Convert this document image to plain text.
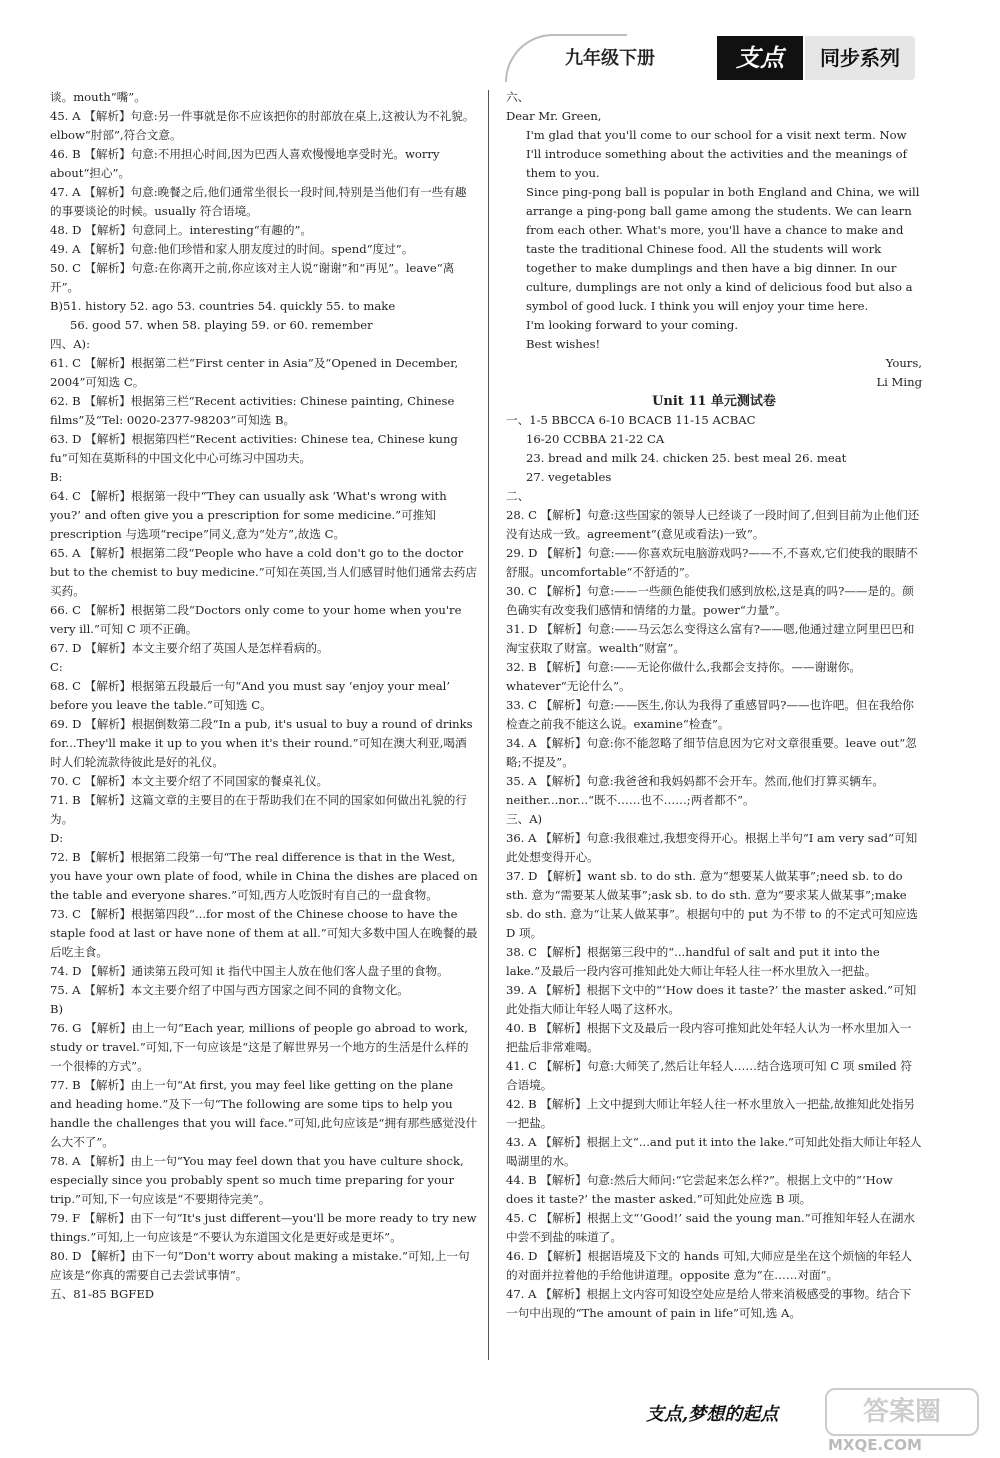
九年级下册	支点	同步系列

谈。mouth“嘴”。

45. A 【解析】句意:另一件事就是你不应该把你的肘部放在桌上,这被认为不礼貌。elbow“肘部”,符合文意。

46. B 【解析】句意:不用担心时间,因为巴西人喜欢慢慢地享受时光。worry about“担心”。

47. A 【解析】句意:晚餐之后,他们通常坐很长一段时间,特别是当他们有一些有趣的事要谈论的时候。usually 符合语境。

48. D 【解析】句意同上。interesting“有趣的”。

49. A 【解析】句意:他们珍惜和家人朋友度过的时间。spend“度过”。

50. C 【解析】句意:在你离开之前,你应该对主人说“谢谢”和“再见”。leave“离开”。

B)51. history 52. ago 53. countries 54. quickly 55. to make

56. good 57. when 58. playing 59. or 60. remember

四、A):

61. C 【解析】根据第二栏“First center in Asia”及“Opened in December, 2004”可知选 C。

62. B 【解析】根据第三栏“Recent activities: Chinese painting, Chinese films”及“Tel: 0020-2377-98203”可知选 B。

63. D 【解析】根据第四栏“Recent activities: Chinese tea, Chinese kung fu”可知在莫斯科的中国文化中心可练习中国功夫。

B:

64. C 【解析】根据第一段中“They can usually ask ‘What's wrong with you?’ and often give you a prescription for some medicine.”可推知 prescription 与选项“recipe”同义,意为“处方”,故选 C。

65. A 【解析】根据第二段“People who have a cold don't go to the doctor but to the chemist to buy medicine.”可知在英国,当人们感冒时他们通常去药店买药。

66. C 【解析】根据第二段“Doctors only come to your home when you're very ill.”可知 C 项不正确。

67. D 【解析】本文主要介绍了英国人是怎样看病的。

C:

68. C 【解析】根据第五段最后一句“And you must say ‘enjoy your meal’ before you leave the table.”可知选 C。

69. D 【解析】根据倒数第二段“In a pub, it's usual to buy a round of drinks for...They'll make it up to you when it's their round.”可知在澳大利亚,喝酒时人们轮流款待彼此是好的礼仪。

70. C 【解析】本文主要介绍了不同国家的餐桌礼仪。

71. B 【解析】这篇文章的主要目的在于帮助我们在不同的国家如何做出礼貌的行为。

D:

72. B 【解析】根据第二段第一句“The real difference is that in the West, you have your own plate of food, while in China the dishes are placed on the table and everyone shares.”可知,西方人吃饭时有自己的一盘食物。

73. C 【解析】根据第四段“...for most of the Chinese choose to have the staple food at last or have none of them at all.”可知大多数中国人在晚餐的最后吃主食。

74. D 【解析】通读第五段可知 it 指代中国主人放在他们客人盘子里的食物。

75. A 【解析】本文主要介绍了中国与西方国家之间不同的食物文化。

B)

76. G 【解析】由上一句“Each year, millions of people go abroad to work, study or travel.”可知,下一句应该是“这是了解世界另一个地方的生活是什么样的一个很棒的方式”。

77. B 【解析】由上一句“At first, you may feel like getting on the plane and heading home.”及下一句“The following are some tips to help you handle the challenges that you will face.”可知,此句应该是“拥有那些感觉没什么大不了”。

78. A 【解析】由上一句“You may feel down that you have culture shock, especially since you probably spent so much time preparing for your trip.”可知,下一句应该是“不要期待完美”。

79. F 【解析】由下一句“It's just different—you'll be more ready to try new things.”可知,上一句应该是“不要认为东道国文化是更好或是更坏”。

80. D 【解析】由下一句“Don't worry about making a mistake.”可知,上一句应该是“你真的需要自己去尝试事情”。

五、81-85 BGFED

六、

Dear Mr. Green,

I'm glad that you'll come to our school for a visit next term. Now I'll introduce something about the activities and the meanings of them to you.

Since ping-pong ball is popular in both England and China, we will arrange a ping-pong ball game among the students. We can learn from each other. What's more, you'll have a chance to make and taste the traditional Chinese food. All the students will work together to make dumplings and then have a big dinner. In our culture, dumplings are not only a kind of delicious food but also a symbol of good luck. I think you will enjoy your time here.

I'm looking forward to your coming.

Best wishes!

Yours,

Li Ming

Unit 11 单元测试卷

一、1-5 BBCCA 6-10 BCACB 11-15 ACBAC

16-20 CCBBA 21-22 CA

23. bread and milk 24. chicken 25. best meal 26. meat

27. vegetables

二、

28. C 【解析】句意:这些国家的领导人已经谈了一段时间了,但到目前为止他们还没有达成一致。agreement“(意见或看法)一致”。

29. D 【解析】句意:——你喜欢玩电脑游戏吗?——不,不喜欢,它们使我的眼睛不舒服。uncomfortable“不舒适的”。

30. C 【解析】句意:——一些颜色能使我们感到放松,这是真的吗?——是的。颜色确实有改变我们感情和情绪的力量。power“力量”。

31. D 【解析】句意:——马云怎么变得这么富有?——嗯,他通过建立阿里巴巴和淘宝获取了财富。wealth“财富”。

32. B 【解析】句意:——无论你做什么,我都会支持你。——谢谢你。whatever“无论什么”。

33. C 【解析】句意:——医生,你认为我得了重感冒吗?——也许吧。但在我给你检查之前我不能这么说。examine“检查”。

34. A 【解析】句意:你不能忽略了细节信息因为它对文章很重要。leave out“忽略;不提及”。

35. A 【解析】句意:我爸爸和我妈妈都不会开车。然而,他们打算买辆车。neither...nor...“既不……也不……;两者都不”。

三、A)

36. A 【解析】句意:我很难过,我想变得开心。根据上半句“I am very sad”可知此处想变得开心。

37. D 【解析】want sb. to do sth. 意为“想要某人做某事”;need sb. to do sth. 意为“需要某人做某事”;ask sb. to do sth. 意为“要求某人做某事”;make sb. do sth. 意为“让某人做某事”。根据句中的 put 为不带 to 的不定式可知应选 D 项。

38. C 【解析】根据第三段中的“...handful of salt and put it into the lake.”及最后一段内容可推知此处大师让年轻人往一杯水里放入一把盐。

39. A 【解析】根据下文中的“‘How does it taste?’ the master asked.”可知此处指大师让年轻人喝了这杯水。

40. B 【解析】根据下文及最后一段内容可推知此处年轻人认为一杯水里加入一把盐后非常难喝。

41. C 【解析】句意:大师笑了,然后让年轻人……结合选项可知 C 项 smiled 符合语境。

42. B 【解析】上文中提到大师让年轻人往一杯水里放入一把盐,故推知此处指另一把盐。

43. A 【解析】根据上文“...and put it into the lake.”可知此处指大师让年轻人喝湖里的水。

44. B 【解析】句意:然后大师问:“它尝起来怎么样?”。根据上文中的“‘How does it taste?’ the master asked.”可知此处应选 B 项。

45. C 【解析】根据上文“‘Good!’ said the young man.”可推知年轻人在湖水中尝不到盐的味道了。

46. D 【解析】根据语境及下文的 hands 可知,大师应是坐在这个烦恼的年轻人的对面并拉着他的手给他讲道理。opposite 意为“在……对面”。

47. A 【解析】根据上文内容可知设空处应是给人带来消极感受的事物。结合下一句中出现的“The amount of pain in life”可知,选 A。

支点,梦想的起点	答案圈
MXQE.COM
